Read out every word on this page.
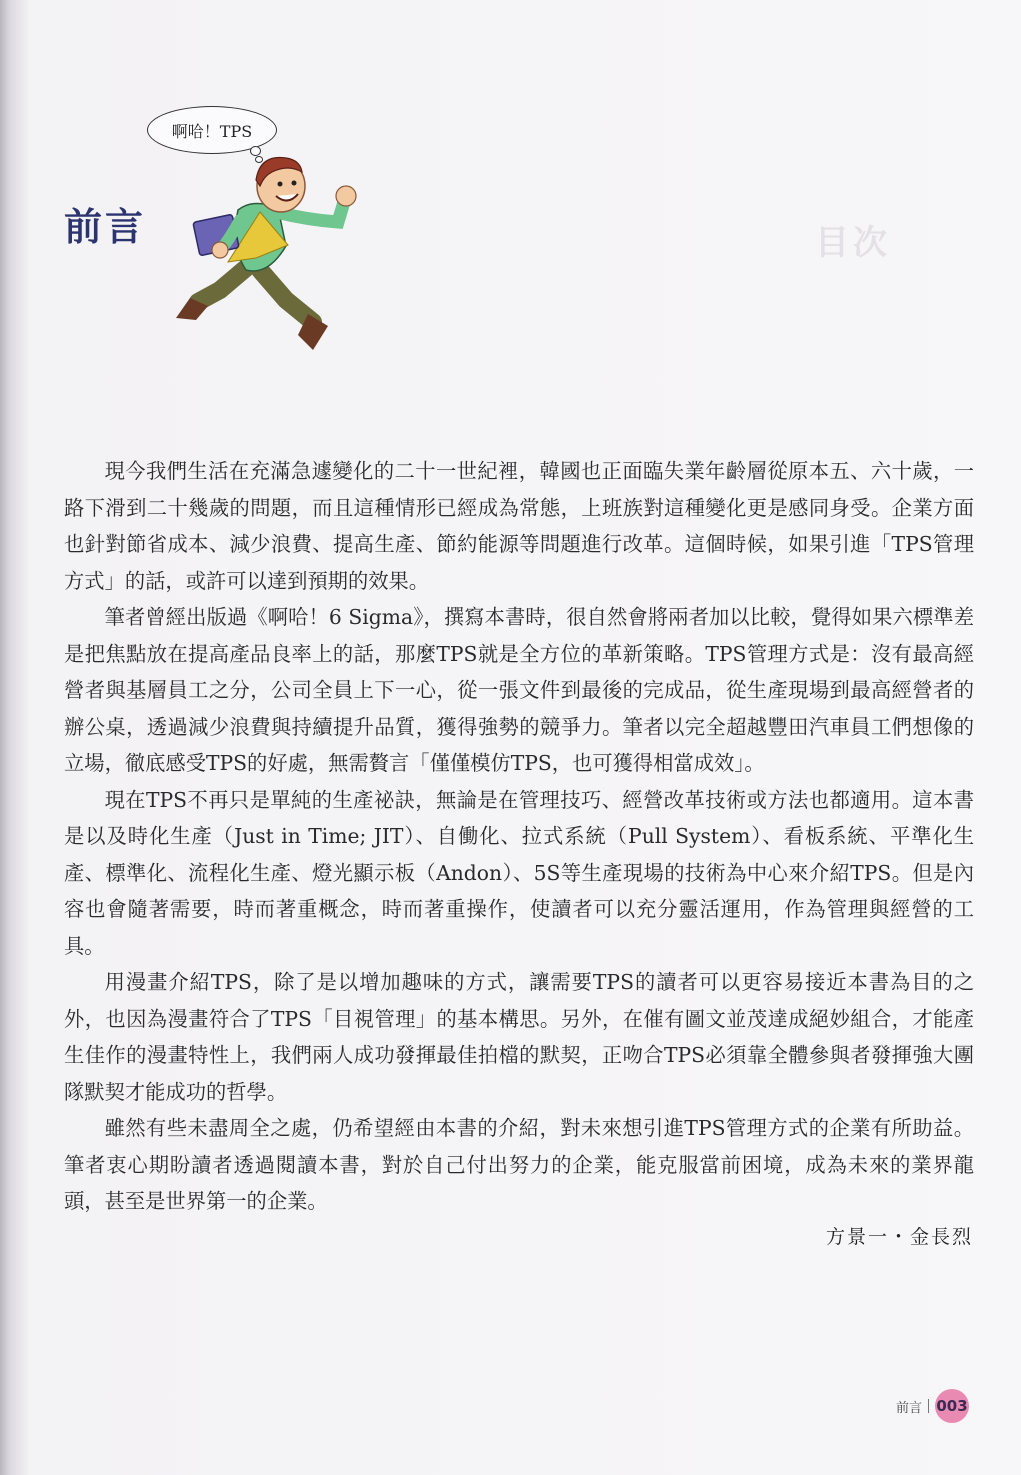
目次
啊哈！TPS
前言

現今我們生活在充滿急遽變化的二十一世紀裡，韓國也正面臨失業年齡層從原本五、六十歲，一路下滑到二十幾歲的問題，而且這種情形已經成為常態，上班族對這種變化更是感同身受。企業方面也針對節省成本、減少浪費、提高生產、節約能源等問題進行改革。這個時候，如果引進「TPS管理方式」的話，或許可以達到預期的效果。

筆者曾經出版過《啊哈！6 Sigma》，撰寫本書時，很自然會將兩者加以比較，覺得如果六標準差是把焦點放在提高產品良率上的話，那麼TPS就是全方位的革新策略。TPS管理方式是：沒有最高經營者與基層員工之分，公司全員上下一心，從一張文件到最後的完成品，從生產現場到最高經營者的辦公桌，透過減少浪費與持續提升品質，獲得強勢的競爭力。筆者以完全超越豐田汽車員工們想像的立場，徹底感受TPS的好處，無需贅言「僅僅模仿TPS，也可獲得相當成效」。

現在TPS不再只是單純的生產祕訣，無論是在管理技巧、經營改革技術或方法也都適用。這本書是以及時化生產（Just in Time; JIT）、自働化、拉式系統（Pull System）、看板系統、平準化生產、標準化、流程化生產、燈光顯示板（Andon）、5S等生產現場的技術為中心來介紹TPS。但是內容也會隨著需要，時而著重概念，時而著重操作，使讀者可以充分靈活運用，作為管理與經營的工具。

用漫畫介紹TPS，除了是以增加趣味的方式，讓需要TPS的讀者可以更容易接近本書為目的之外，也因為漫畫符合了TPS「目視管理」的基本構思。另外，在催有圖文並茂達成絕妙組合，才能產生佳作的漫畫特性上，我們兩人成功發揮最佳拍檔的默契，正吻合TPS必須靠全體參與者發揮強大團隊默契才能成功的哲學。

雖然有些未盡周全之處，仍希望經由本書的介紹，對未來想引進TPS管理方式的企業有所助益。筆者衷心期盼讀者透過閱讀本書，對於自己付出努力的企業，能克服當前困境，成為未來的業界龍頭，甚至是世界第一的企業。

方景一・金長烈
前言 003
